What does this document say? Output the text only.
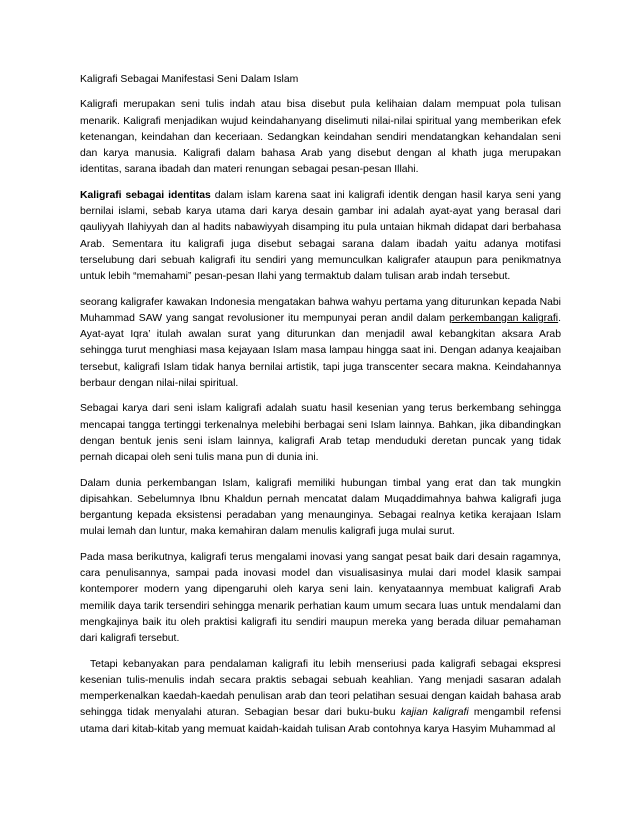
Kaligrafi Sebagai Manifestasi Seni Dalam Islam

Kaligrafi merupakan seni tulis indah atau bisa disebut pula kelihaian dalam mempuat pola tulisan menarik. Kaligrafi menjadikan wujud keindahanyang diselimuti nilai-nilai spiritual yang memberikan efek ketenangan, keindahan dan keceriaan. Sedangkan keindahan sendiri mendatangkan kehandalan seni dan karya manusia. Kaligrafi dalam bahasa Arab yang disebut dengan al khath juga merupakan identitas, sarana ibadah dan materi renungan sebagai pesan-pesan Illahi.

Kaligrafi sebagai identitas dalam islam karena saat ini kaligrafi identik dengan hasil karya seni yang bernilai islami, sebab karya utama dari karya desain gambar ini adalah ayat-ayat yang berasal dari qauliyyah Ilahiyyah dan al hadits nabawiyyah disamping itu pula untaian hikmah didapat dari berbahasa Arab. Sementara itu kaligrafi juga disebut sebagai sarana dalam ibadah yaitu adanya motifasi terselubung dari sebuah kaligrafi itu sendiri yang memunculkan kaligrafer ataupun para penikmatnya untuk lebih “memahami” pesan-pesan Ilahi yang termaktub dalam tulisan arab indah tersebut.

seorang kaligrafer kawakan Indonesia mengatakan bahwa wahyu pertama yang diturunkan kepada Nabi Muhammad SAW yang sangat revolusioner itu mempunyai peran andil dalam perkembangan kaligrafi. Ayat-ayat Iqra’ itulah awalan surat yang diturunkan dan menjadil awal kebangkitan aksara Arab sehingga turut menghiasi masa kejayaan Islam masa lampau hingga saat ini. Dengan adanya keajaiban tersebut, kaligrafi Islam tidak hanya bernilai artistik, tapi juga transcenter secara makna. Keindahannya berbaur dengan nilai-nilai spiritual.

Sebagai karya dari seni islam kaligrafi adalah suatu hasil kesenian yang terus berkembang sehingga mencapai tangga tertinggi terkenalnya melebihi berbagai seni Islam lainnya. Bahkan, jika dibandingkan dengan bentuk jenis seni islam lainnya, kaligrafi Arab tetap menduduki deretan puncak yang tidak pernah dicapai oleh seni tulis mana pun di dunia ini.

Dalam dunia perkembangan Islam, kaligrafi memiliki hubungan timbal yang erat dan tak mungkin dipisahkan. Sebelumnya Ibnu Khaldun pernah mencatat dalam Muqaddimahnya bahwa kaligrafi juga bergantung kepada eksistensi peradaban yang menaunginya. Sebagai realnya ketika kerajaan Islam mulai lemah dan luntur, maka kemahiran dalam menulis kaligrafi juga mulai surut.

Pada masa berikutnya, kaligrafi terus mengalami inovasi yang sangat pesat baik dari desain ragamnya, cara penulisannya, sampai pada inovasi model dan visualisasinya mulai dari model klasik sampai kontemporer modern yang dipengaruhi oleh karya seni lain. kenyataannya membuat kaligrafi Arab memilik daya tarik tersendiri sehingga menarik perhatian kaum umum secara luas untuk mendalami dan mengkajinya baik itu oleh praktisi kaligrafi itu sendiri maupun mereka yang berada diluar pemahaman dari kaligrafi tersebut.

Tetapi kebanyakan para pendalaman kaligrafi itu lebih menseriusi pada kaligrafi sebagai ekspresi kesenian tulis-menulis indah secara praktis sebagai sebuah keahlian. Yang menjadi sasaran adalah memperkenalkan kaedah-kaedah penulisan arab dan teori pelatihan sesuai dengan kaidah bahasa arab sehingga tidak menyalahi aturan. Sebagian besar dari buku-buku kajian kaligrafi mengambil refensi utama dari kitab-kitab yang memuat kaidah-kaidah tulisan Arab contohnya karya Hasyim Muhammad al
